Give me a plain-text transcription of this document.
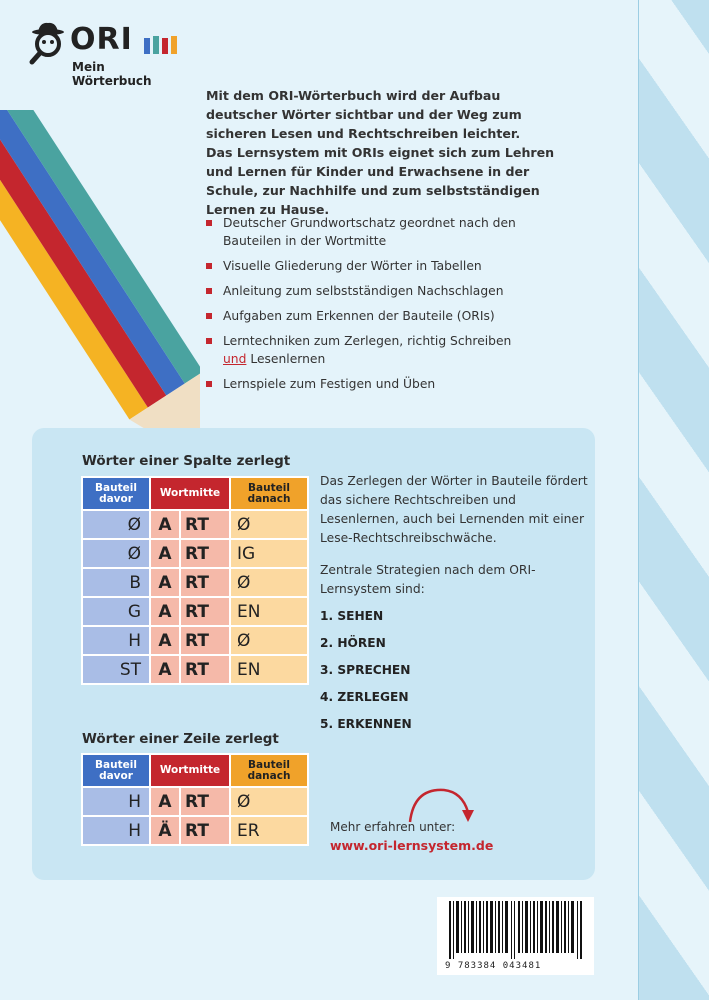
ORI
Mein Wörterbuch

Mit dem ORI-Wörterbuch wird der Aufbau deutscher Wörter sichtbar und der Weg zum sicheren Lesen und Rechtschreiben leichter.

Das Lernsystem mit ORIs eignet sich zum Lehren und Lernen für Kinder und Erwachsene in der Schule, zur Nachhilfe und zum selbstständigen Lernen zu Hause.

Deutscher Grundwortschatz geordnet nach den Bauteilen in der Wortmitte
Visuelle Gliederung der Wörter in Tabellen
Anleitung zum selbstständigen Nachschlagen
Aufgaben zum Erkennen der Bauteile (ORIs)
Lerntechniken zum Zerlegen, richtig Schreiben und Lesenlernen
Lernspiele zum Festigen und Üben
Wörter einer Spalte zerlegt
Bauteil davor	Wortmitte		Bauteil danach
Ø	A	RT	Ø
Ø	A	RT	IG
B	A	RT	Ø
G	A	RT	EN
H	A	RT	Ø
ST	A	RT	EN
Wörter einer Zeile zerlegt
Bauteil davor	Wortmitte		Bauteil danach
H	A	RT	Ø
H	Ä	RT	ER

Das Zerlegen der Wörter in Bauteile fördert das sichere Rechtschreiben und Lesenlernen, auch bei Lernenden mit einer Lese-Rechtschreibschwäche.

Zentrale Strategien nach dem ORI-Lernsystem sind:

1. SEHEN
2. HÖREN
3. SPRECHEN
4. ZERLEGEN
5. ERKENNEN
Mehr erfahren unter:
www.ori-lernsystem.de
9 783384 043481
